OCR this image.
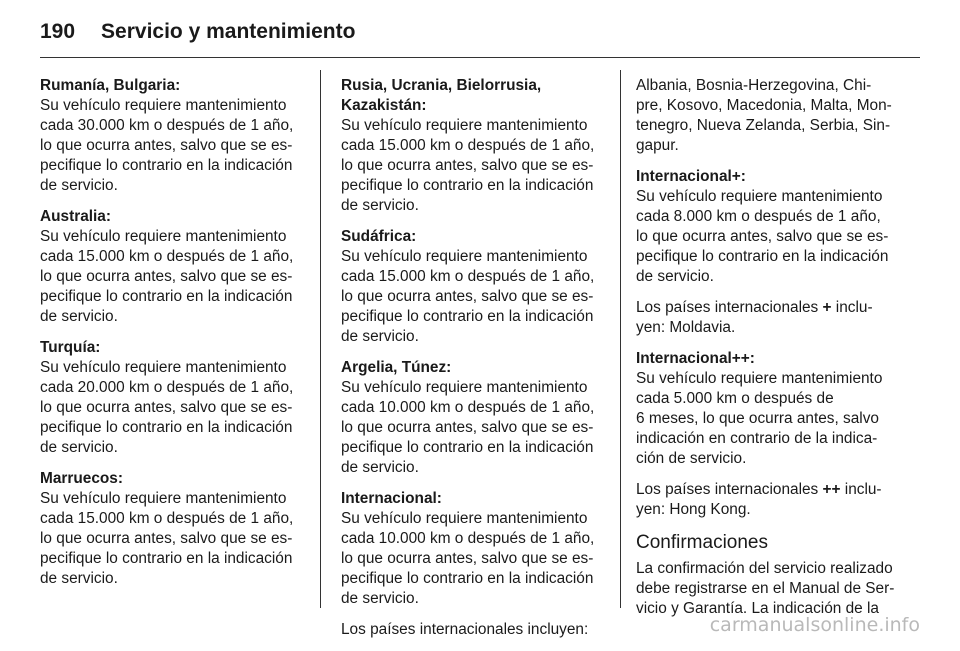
190 Servicio y mantenimiento

Rumanía, Bulgaria:

Su vehículo requiere mantenimiento

cada 30.000 km o después de 1 año,

lo que ocurra antes, salvo que se es-

pecifique lo contrario en la indicación

de servicio.

Australia:

Su vehículo requiere mantenimiento

cada 15.000 km o después de 1 año,

lo que ocurra antes, salvo que se es-

pecifique lo contrario en la indicación

de servicio.

Turquía:

Su vehículo requiere mantenimiento

cada 20.000 km o después de 1 año,

lo que ocurra antes, salvo que se es-

pecifique lo contrario en la indicación

de servicio.

Marruecos:

Su vehículo requiere mantenimiento

cada 15.000 km o después de 1 año,

lo que ocurra antes, salvo que se es-

pecifique lo contrario en la indicación

de servicio.

Rusia, Ucrania, Bielorrusia, Kazakistán:

Su vehículo requiere mantenimiento

cada 15.000 km o después de 1 año,

lo que ocurra antes, salvo que se es-

pecifique lo contrario en la indicación

de servicio.

Sudáfrica:

Su vehículo requiere mantenimiento

cada 15.000 km o después de 1 año,

lo que ocurra antes, salvo que se es-

pecifique lo contrario en la indicación

de servicio.

Argelia, Túnez:

Su vehículo requiere mantenimiento

cada 10.000 km o después de 1 año,

lo que ocurra antes, salvo que se es-

pecifique lo contrario en la indicación

de servicio.

Internacional:

Su vehículo requiere mantenimiento

cada 10.000 km o después de 1 año,

lo que ocurra antes, salvo que se es-

pecifique lo contrario en la indicación

de servicio.

Los países internacionales incluyen:

Albania, Bosnia-Herzegovina, Chi-

pre, Kosovo, Macedonia, Malta, Mon-

tenegro, Nueva Zelanda, Serbia, Sin-

gapur.

Internacional+:

Su vehículo requiere mantenimiento

cada 8.000 km o después de 1 año,

lo que ocurra antes, salvo que se es-

pecifique lo contrario en la indicación

de servicio.

Los países internacionales + inclu-

yen: Moldavia.

Internacional++:

Su vehículo requiere mantenimiento

cada 5.000 km o después de

6 meses, lo que ocurra antes, salvo

indicación en contrario de la indica-

ción de servicio.

Los países internacionales ++ inclu-

yen: Hong Kong.

Confirmaciones

La confirmación del servicio realizado

debe registrarse en el Manual de Ser-

vicio y Garantía. La indicación de la

carmanualsonline.info
